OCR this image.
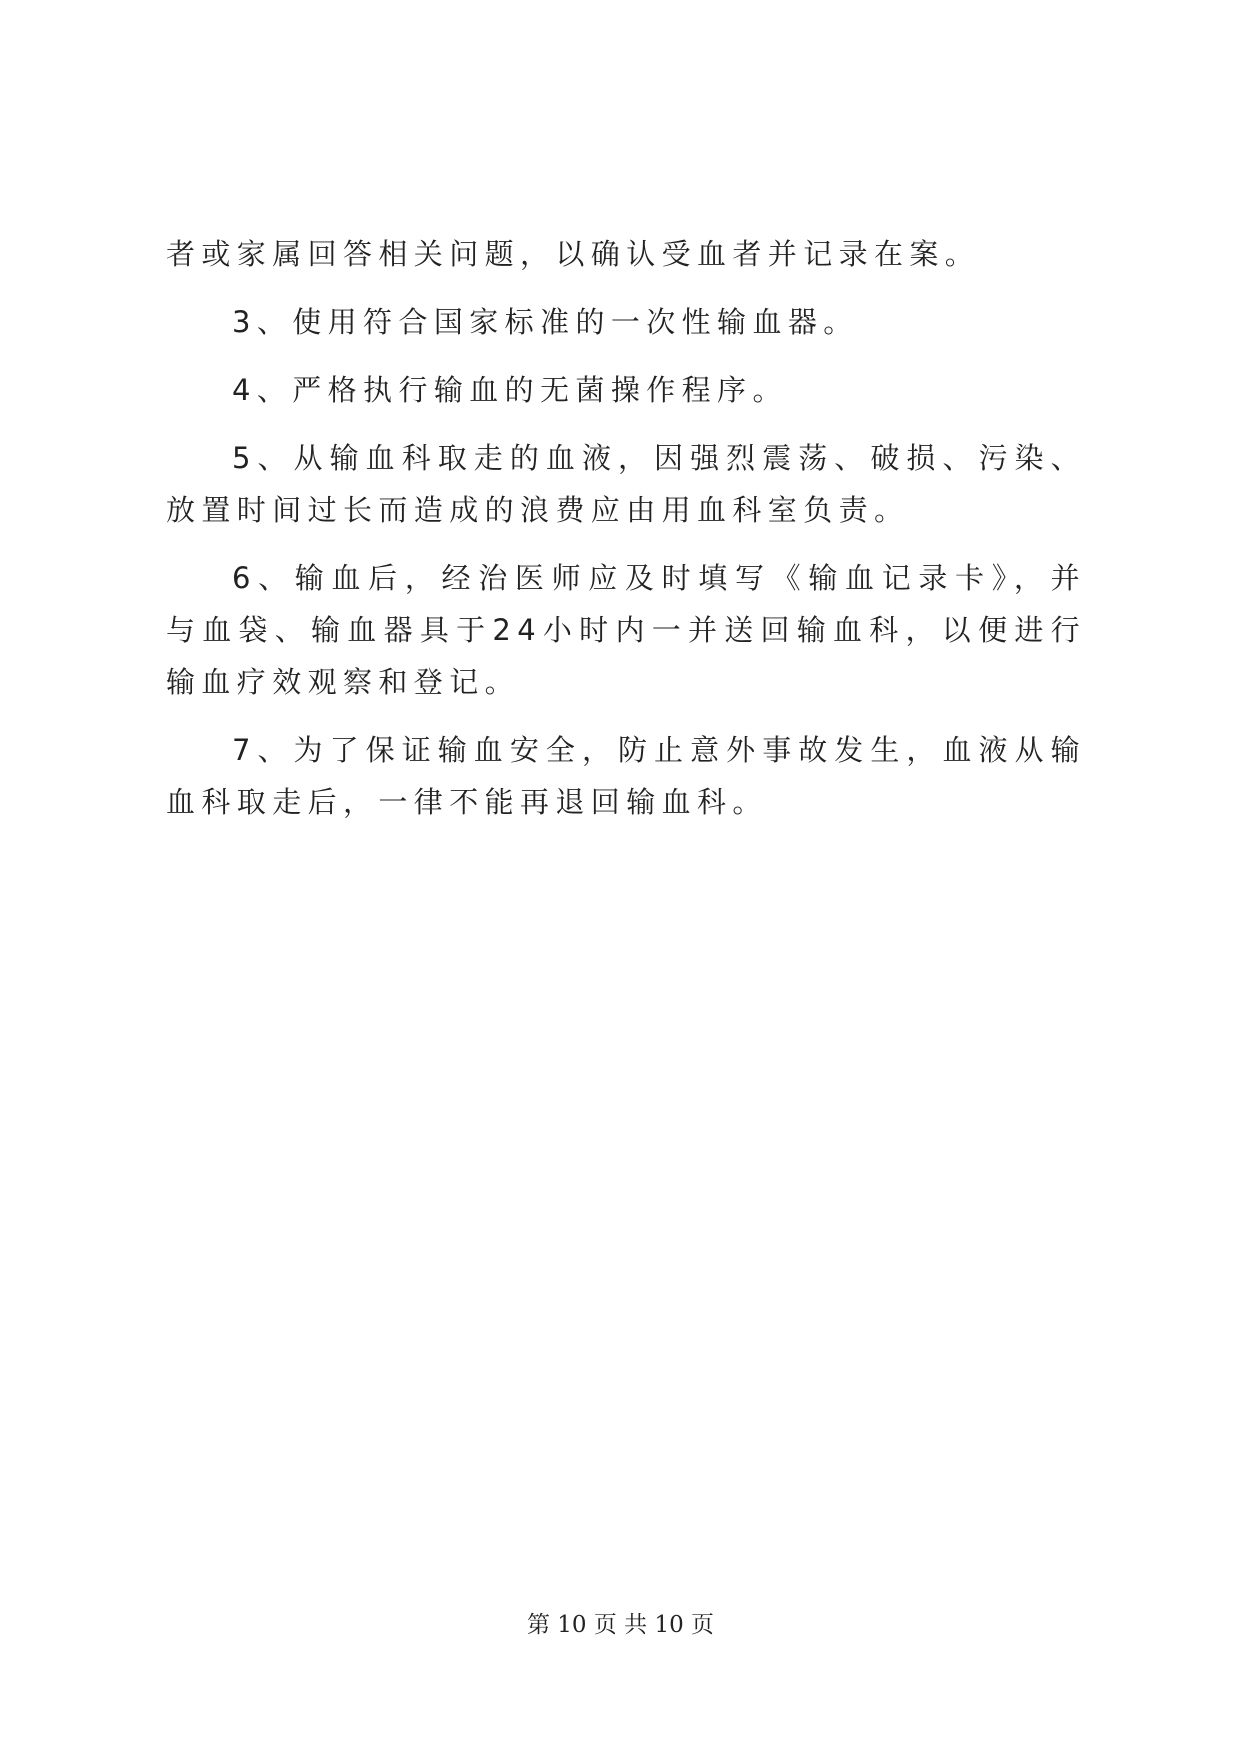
者或家属回答相关问题，以确认受血者并记录在案。

3、使用符合国家标准的一次性输血器。

4、严格执行输血的无菌操作程序。

5、从输血科取走的血液，因强烈震荡、破损、污染、放置时间过长而造成的浪费应由用血科室负责。

6、输血后，经治医师应及时填写《输血记录卡》，并与血袋、输血器具于24小时内一并送回输血科，以便进行输血疗效观察和登记。

7、为了保证输血安全，防止意外事故发生，血液从输血科取走后，一律不能再退回输血科。

第 10 页 共 10 页
